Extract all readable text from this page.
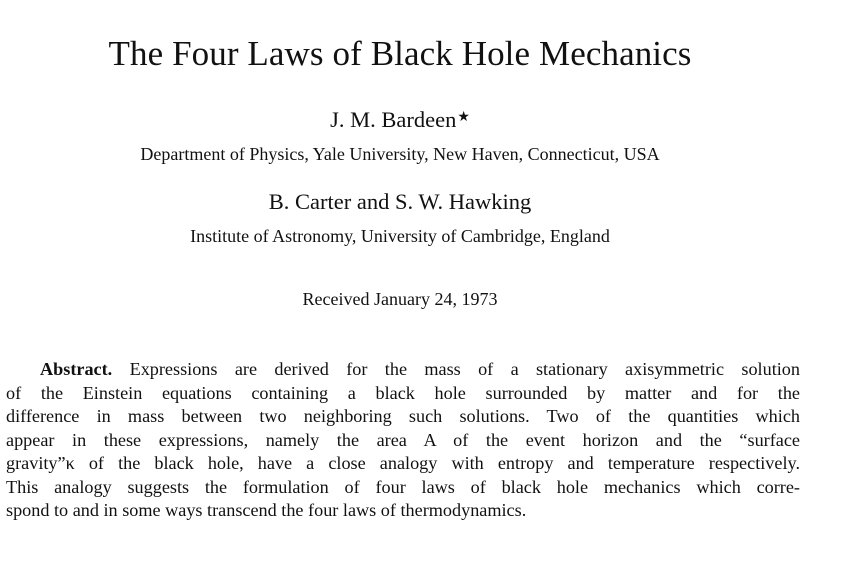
The Four Laws of Black Hole Mechanics
J. M. Bardeen★
Department of Physics, Yale University, New Haven, Connecticut, USA
B. Carter and S. W. Hawking
Institute of Astronomy, University of Cambridge, England
Received January 24, 1973
Abstract. Expressions are derived for the mass of a stationary axisymmetric solution
of the Einstein equations containing a black hole surrounded by matter and for the
difference in mass between two neighboring such solutions. Two of the quantities which
appear in these expressions, namely the area A of the event horizon and the “surface
gravity”κ of the black hole, have a close analogy with entropy and temperature respectively.
This analogy suggests the formulation of four laws of black hole mechanics which corre-
spond to and in some ways transcend the four laws of thermodynamics.
